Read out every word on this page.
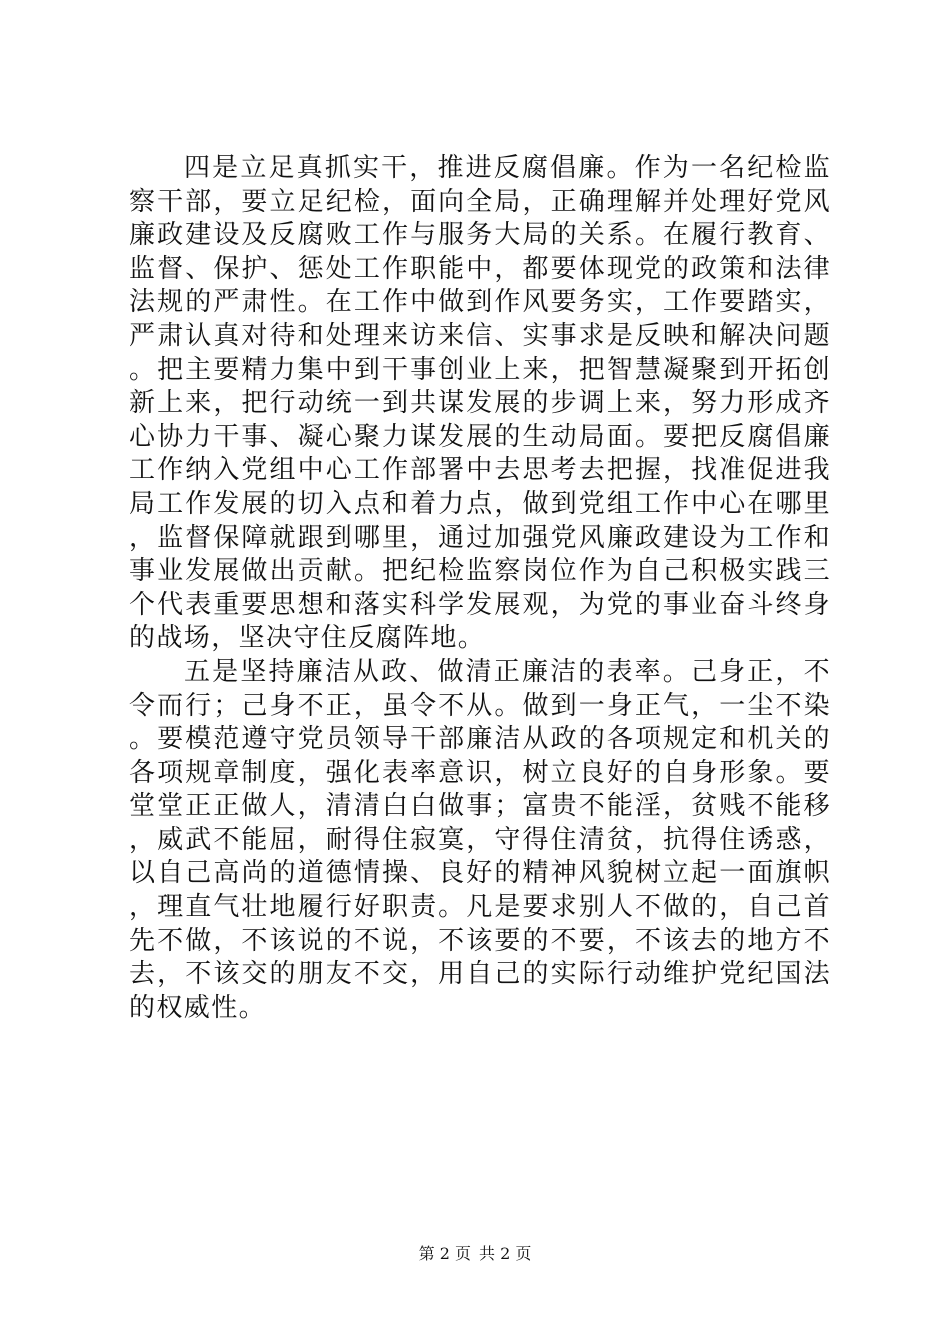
四是立足真抓实干，推进反腐倡廉。作为一名纪检监察干部，要立足纪检，面向全局，正确理解并处理好党风廉政建设及反腐败工作与服务大局的关系。在履行教育、监督、保护、惩处工作职能中，都要体现党的政策和法律法规的严肃性。在工作中做到作风要务实，工作要踏实，严肃认真对待和处理来访来信、实事求是反映和解决问题。把主要精力集中到干事创业上来，把智慧凝聚到开拓创新上来，把行动统一到共谋发展的步调上来，努力形成齐心协力干事、凝心聚力谋发展的生动局面。要把反腐倡廉工作纳入党组中心工作部署中去思考去把握，找准促进我局工作发展的切入点和着力点，做到党组工作中心在哪里，监督保障就跟到哪里，通过加强党风廉政建设为工作和事业发展做出贡献。把纪检监察岗位作为自己积极实践三个代表重要思想和落实科学发展观，为党的事业奋斗终身的战场，坚决守住反腐阵地。

五是坚持廉洁从政、做清正廉洁的表率。己身正，不令而行；己身不正，虽令不从。做到一身正气，一尘不染。要模范遵守党员领导干部廉洁从政的各项规定和机关的各项规章制度，强化表率意识，树立良好的自身形象。要堂堂正正做人，清清白白做事；富贵不能淫，贫贱不能移，威武不能屈，耐得住寂寞，守得住清贫，抗得住诱惑，以自己高尚的道德情操、良好的精神风貌树立起一面旗帜，理直气壮地履行好职责。凡是要求别人不做的，自己首先不做，不该说的不说，不该要的不要，不该去的地方不去，不该交的朋友不交，用自己的实际行动维护党纪国法的权威性。

第 2 页 共 2 页
